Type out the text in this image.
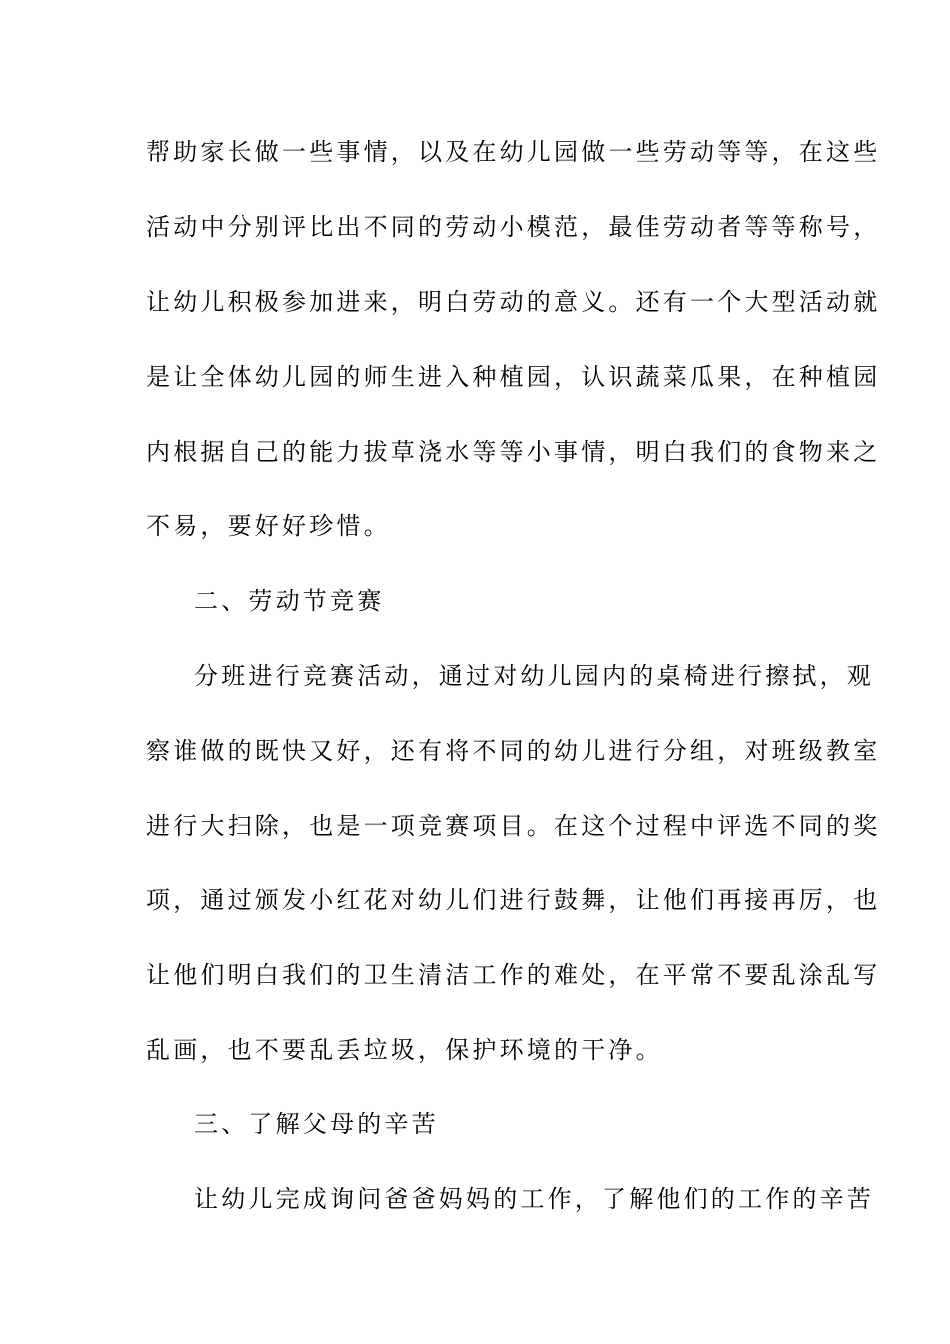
帮助家长做一些事情，以及在幼儿园做一些劳动等等，在这些
活动中分别评比出不同的劳动小模范，最佳劳动者等等称号，
让幼儿积极参加进来，明白劳动的意义。还有一个大型活动就
是让全体幼儿园的师生进入种植园，认识蔬菜瓜果，在种植园
内根据自己的能力拔草浇水等等小事情，明白我们的食物来之
不易，要好好珍惜。
二、劳动节竞赛
分班进行竞赛活动，通过对幼儿园内的桌椅进行擦拭，观
察谁做的既快又好，还有将不同的幼儿进行分组，对班级教室
进行大扫除，也是一项竞赛项目。在这个过程中评选不同的奖
项，通过颁发小红花对幼儿们进行鼓舞，让他们再接再厉，也
让他们明白我们的卫生清洁工作的难处，在平常不要乱涂乱写
乱画，也不要乱丢垃圾，保护环境的干净。
三、了解父母的辛苦
让幼儿完成询问爸爸妈妈的工作，了解他们的工作的辛苦
